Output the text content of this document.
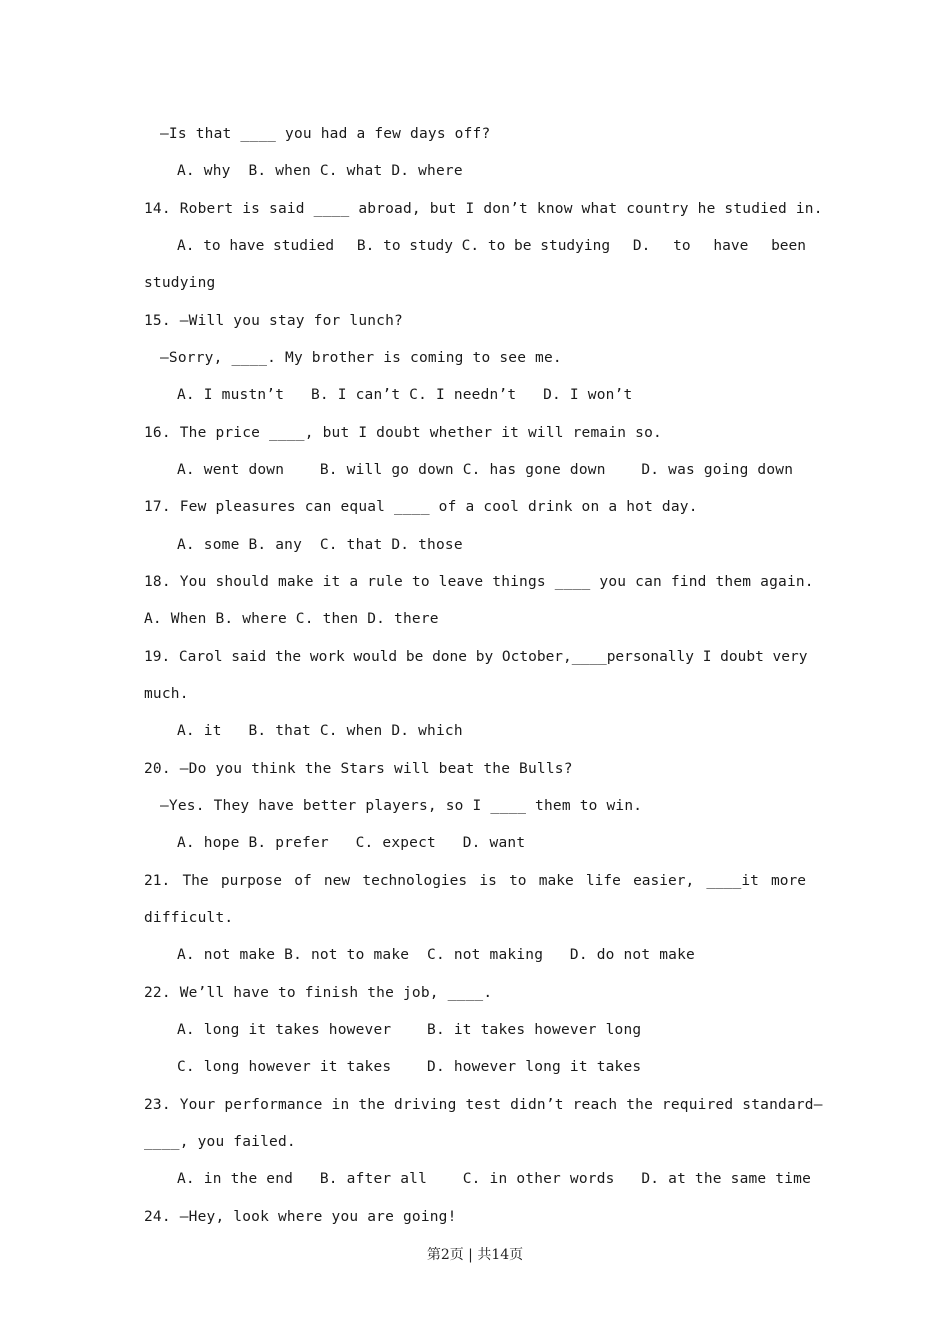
—Is that ____ you had a few days off?
A. why  B. when C. what D. where
14. Robert is said ____ abroad, but I don’t know what country he studied in.
A. to have studied B. to study C. to be studying D. to have been
studying
15. —Will you stay for lunch?
—Sorry, ____. My brother is coming to see me.
A. I mustn’t   B. I can’t C. I needn’t   D. I won’t
16. The price ____, but I doubt whether it will remain so.
A. went down    B. will go down C. has gone down    D. was going down
17. Few pleasures can equal ____ of a cool drink on a hot day.
A. some B. any  C. that D. those
18. You should make it a rule to leave things ____ you can find them again.
A. When B. where C. then D. there
19. Carol said the work would be done by October, ____ personally I doubt very
much.
A. it   B. that C. when D. which
20. —Do you think the Stars will beat the Bulls?
—Yes. They have better players, so I ____ them to win.
A. hope B. prefer   C. expect   D. want
21. The purpose of new technologies is to make life easier, ____it more
difficult.
A. not make B. not to make  C. not making   D. do not make
22. We’ll have to finish the job, ____.
A. long it takes however    B. it takes however long
C. long however it takes    D. however long it takes
23. Your performance in the driving test didn’t reach the required standard—
____, you failed.
A. in the end   B. after all    C. in other words   D. at the same time
24. —Hey, look where you are going!
第2页 | 共14页
